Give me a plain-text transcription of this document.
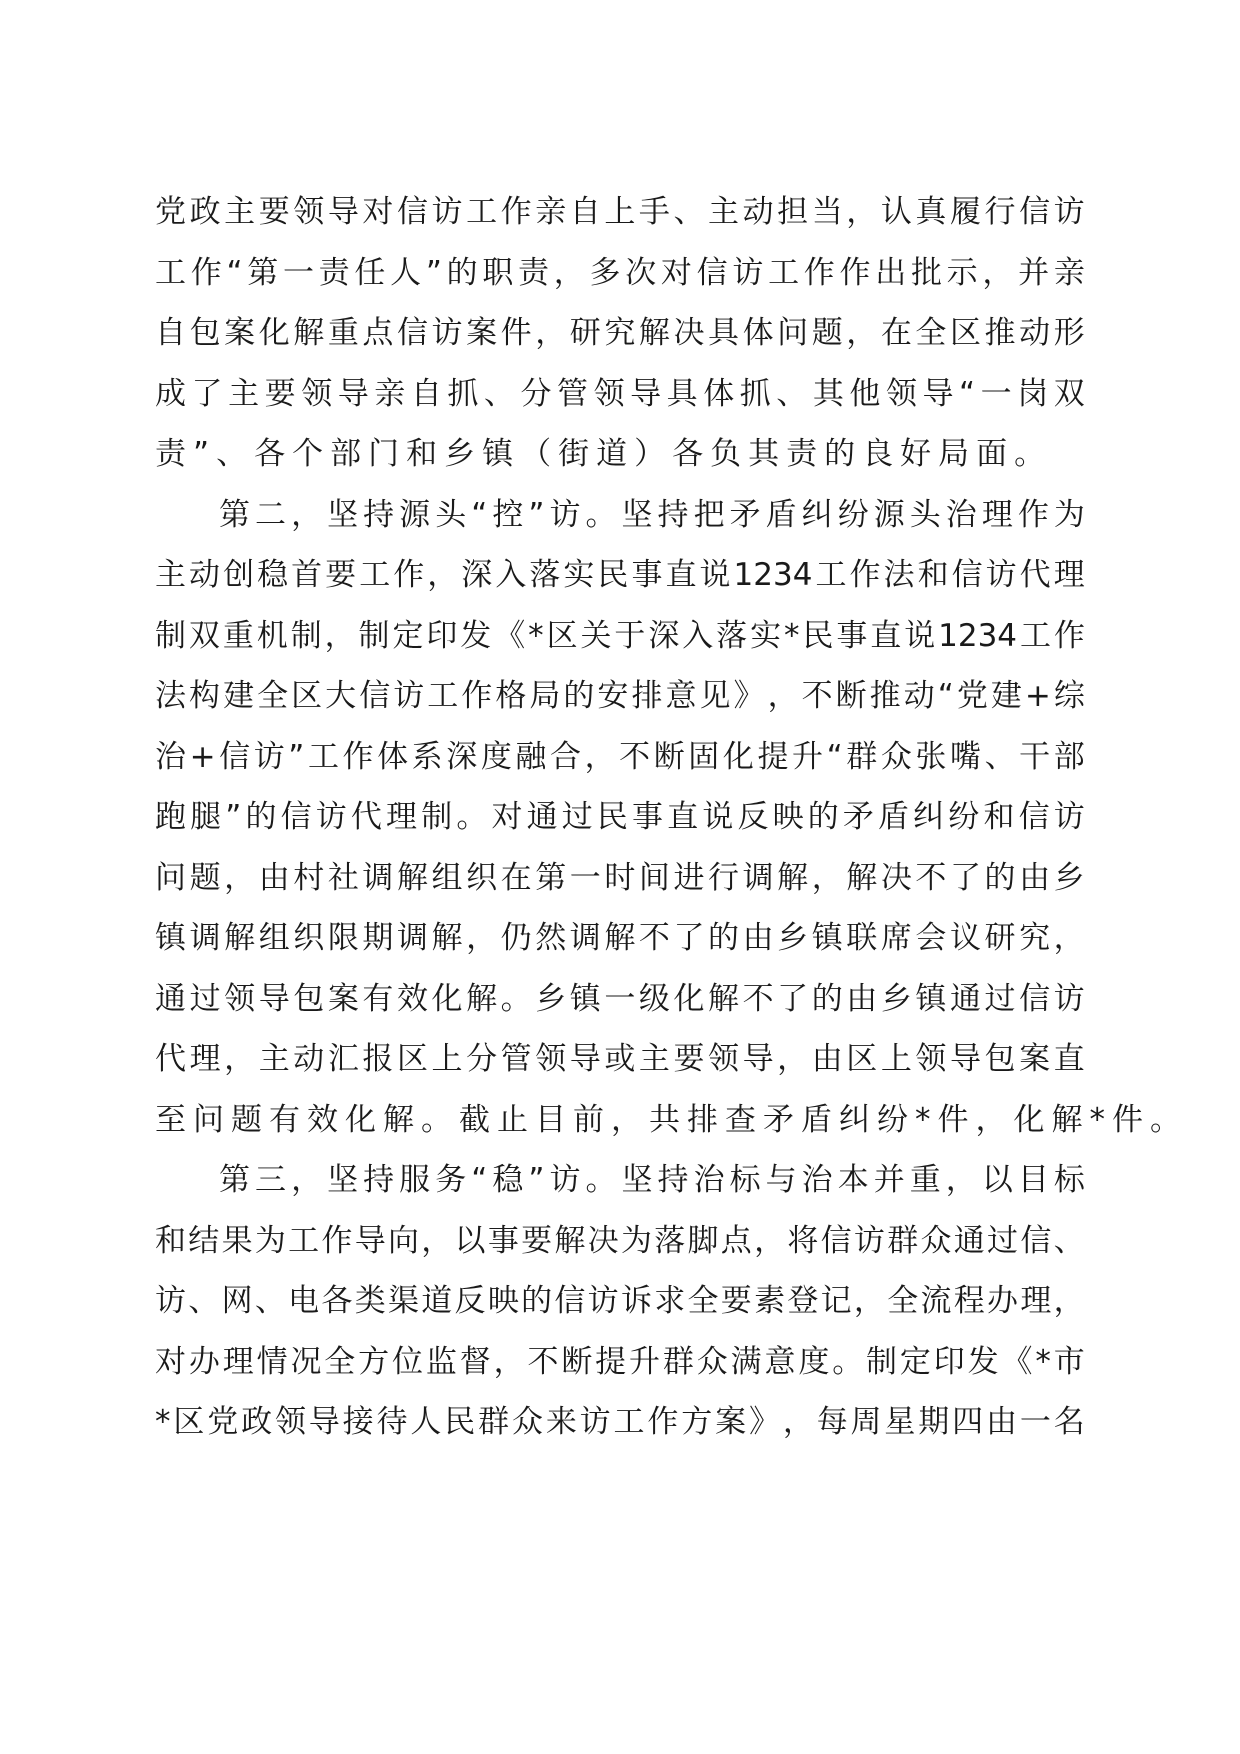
党 政 主 要 领 导 对 信 访 工 作 亲 自 上 手 、 主 动 担 当 ， 认 真 履 行 信 访
工 作 “ 第 一 责 任 人 ” 的 职 责 ， 多 次 对 信 访 工 作 作 出 批 示 ， 并 亲
自 包 案 化 解 重 点 信 访 案 件 ， 研 究 解 决 具 体 问 题 ， 在 全 区 推 动 形
成 了 主 要 领 导 亲 自 抓 、 分 管 领 导 具 体 抓 、 其 他 领 导 “ 一 岗 双
责 ” 、 各 个 部 门 和 乡 镇 （ 街 道 ） 各 负 其 责 的 良 好 局 面 。
第 二 ， 坚 持 源 头 “ 控 ” 访 。 坚 持 把 矛 盾 纠 纷 源 头 治 理 作 为
主 动 创 稳 首 要 工 作 ， 深 入 落 实 民 事 直 说 1234 工 作 法 和 信 访 代 理
制 双 重 机 制 ， 制 定 印 发 《 * 区 关 于 深 入 落 实 * 民 事 直 说 1234 工 作
法 构 建 全 区 大 信 访 工 作 格 局 的 安 排 意 见 》 ， 不 断 推 动 “ 党 建 + 综
治 + 信 访 ” 工 作 体 系 深 度 融 合 ， 不 断 固 化 提 升 “ 群 众 张 嘴 、 干 部
跑 腿 ” 的 信 访 代 理 制 。 对 通 过 民 事 直 说 反 映 的 矛 盾 纠 纷 和 信 访
问 题 ， 由 村 社 调 解 组 织 在 第 一 时 间 进 行 调 解 ， 解 决 不 了 的 由 乡
镇 调 解 组 织 限 期 调 解 ， 仍 然 调 解 不 了 的 由 乡 镇 联 席 会 议 研 究 ，
通 过 领 导 包 案 有 效 化 解 。 乡 镇 一 级 化 解 不 了 的 由 乡 镇 通 过 信 访
代 理 ， 主 动 汇 报 区 上 分 管 领 导 或 主 要 领 导 ， 由 区 上 领 导 包 案 直
至 问 题 有 效 化 解 。 截 止 目 前 ， 共 排 查 矛 盾 纠 纷 * 件 ， 化 解 * 件 。
第 三 ， 坚 持 服 务 “ 稳 ” 访 。 坚 持 治 标 与 治 本 并 重 ， 以 目 标
和 结 果 为 工 作 导 向 ， 以 事 要 解 决 为 落 脚 点 ， 将 信 访 群 众 通 过 信 、
访 、 网 、 电 各 类 渠 道 反 映 的 信 访 诉 求 全 要 素 登 记 ， 全 流 程 办 理 ，
对 办 理 情 况 全 方 位 监 督 ， 不 断 提 升 群 众 满 意 度 。 制 定 印 发 《 * 市
* 区 党 政 领 导 接 待 人 民 群 众 来 访 工 作 方 案 》 ， 每 周 星 期 四 由 一 名
